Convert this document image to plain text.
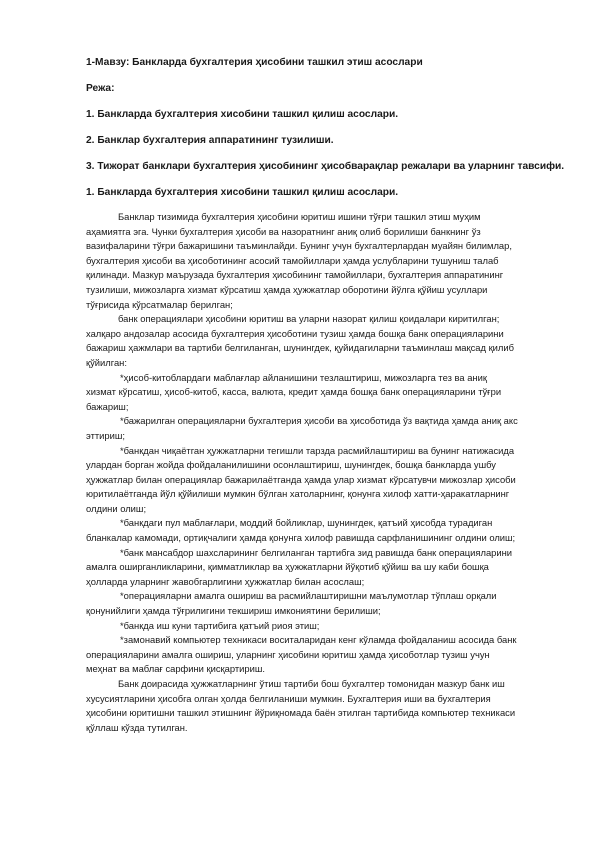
1-Мавзу: Банкларда бухгалтерия ҳисобини ташкил этиш асослари
Режа:
1. Банкларда бухгалтерия хисобини ташкил қилиш асослари.
2. Банклар бухгалтерия аппаратининг тузилиши.
3. Тижорат банклари бухгалтерия ҳисобининг ҳисобварақлар режалари ва уларнинг тавсифи.
1. Банкларда бухгалтерия хисобини ташкил қилиш асослари.

Банклар тизимида бухгалтерия ҳисобини юритиш ишини тўғри ташкил этиш муҳим аҳамиятга эга. Чунки бухгалтерия ҳисоби ва назоратнинг аниқ олиб борилиши банкнинг ўз вазифаларини тўғри бажаришини таъминлайди. Бунинг учун бухгалтерлардан муайян билимлар, бухгалтерия ҳисоби ва ҳисоботининг асосий тамойиллари ҳамда услубларини тушуниш талаб қилинади. Мазкур маърузада бухгалтерия ҳисобининг тамойиллари, бухгалтерия аппаратининг тузилиши, мижозларга хизмат кўрсатиш ҳамда ҳужжатлар оборотини йўлга қўйиш усуллари тўғрисида кўрсатмалар берилган;

банк операциялари ҳисобини юритиш ва уларни назорат қилиш қоидалари киритилган; халқаро андозалар асосида бухгалтерия ҳисоботини тузиш ҳамда бошқа банк операцияларини бажариш ҳажмлари ва тартиби белгиланган, шунингдек, қуйидагиларни таъминлаш мақсад қилиб қўйилган:

*ҳисоб-китоблардаги маблағлар айланишини тезлаштириш, мижозларга тез ва аниқ хизмат кўрсатиш, ҳисоб-китоб, касса, валюта, кредит ҳамда бошқа банк операцияларини тўғри бажариш;

*бажарилган операцияларни бухгалтерия ҳисоби ва ҳисоботида ўз вақтида ҳамда аниқ акс эттириш;

*банкдан чиқаётган ҳужжатларни тегишли тарзда расмийлаштириш ва бунинг натижасида улардан борган жойда фойдаланилишини осонлаштириш, шунингдек, бошқа банкларда ушбу ҳужжатлар билан операциялар бажарилаётганда ҳамда улар хизмат кўрсатувчи мижозлар ҳисоби юритилаётганда йўл қўйилиши мумкин бўлган хатоларнинг, қонунга хилоф хатти-ҳаракатларнинг олдини олиш;

*банкдаги пул маблағлари, моддий бойликлар, шунингдек, қатъий ҳисобда турадиган бланкалар камомади, ортиқчалиги ҳамда қонунга хилоф равишда сарфланишининг олдини олиш;

*банк мансабдор шахсларининг белгиланган тартибга зид равишда банк операцияларини амалга оширганликларини, қимматликлар ва ҳужжатларни йўқотиб қўйиш ва шу каби бошқа ҳолларда уларнинг жавобгарлигини ҳужжатлар билан асослаш;

*операцияларни амалга ошириш ва расмийлаштиришни маълумотлар тўплаш орқали қонунийлиги ҳамда тўғрилигини текшириш имкониятини берилиши;

*банкда иш куни тартибига қатъий риоя этиш;

*замонавий компьютер техникаси воситаларидан кенг кўламда фойдаланиш асосида банк операцияларини амалга ошириш, уларнинг ҳисобини юритиш ҳамда ҳисоботлар тузиш учун меҳнат ва маблағ сарфини қисқартириш.

Банк доирасида ҳужжатларнинг ўтиш тартиби бош бухгалтер томонидан мазкур банк иш хусусиятларини ҳисобга олган ҳолда белгиланиши мумкин. Бухгалтерия иши ва бухгалтерия ҳисобини юритишни ташкил этишнинг йўриқномада баён этилган тартибида компьютер техникаси қўллаш кўзда тутилган.
